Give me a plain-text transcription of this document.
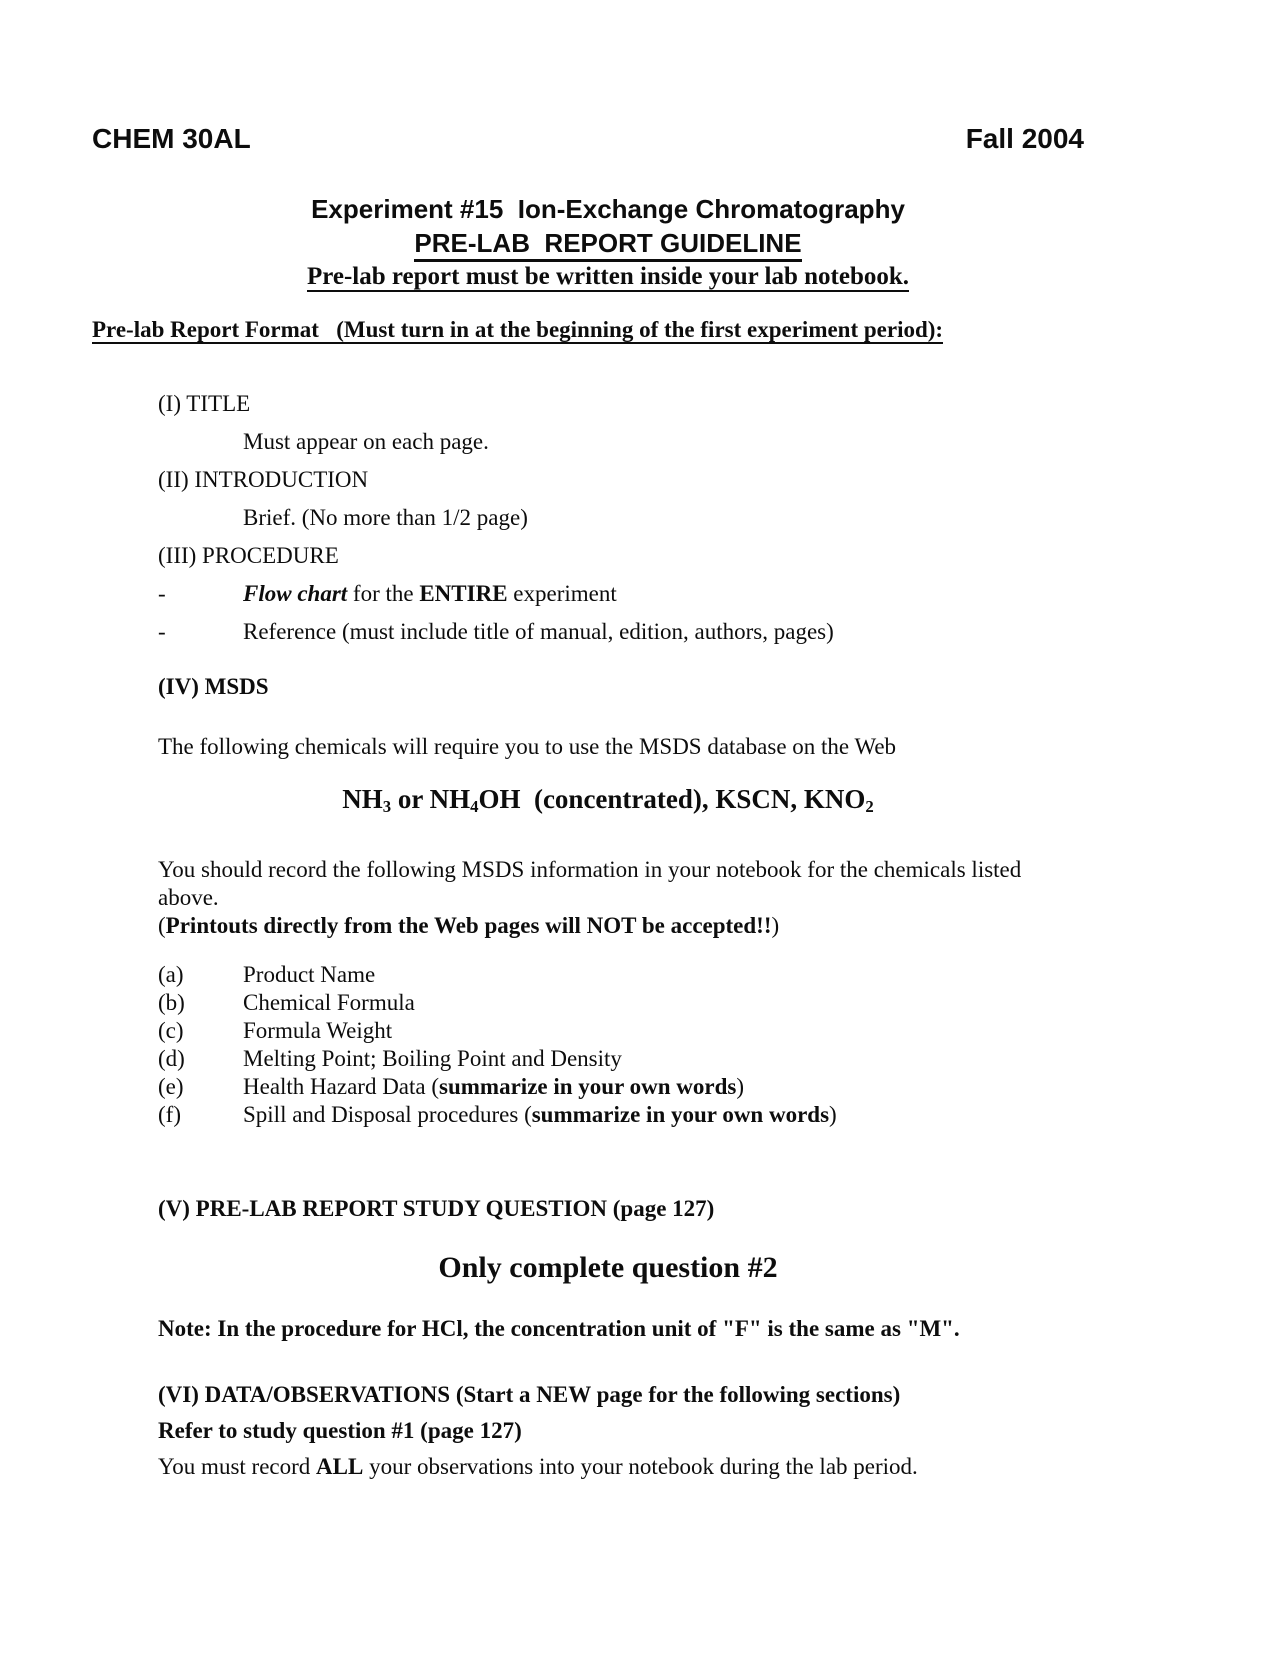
CHEM 30AL	Fall 2004
Experiment #15  Ion-Exchange Chromatography
PRE-LAB  REPORT GUIDELINE
Pre-lab report must be written inside your lab notebook.
Pre-lab Report Format   (Must turn in at the beginning of the first experiment period):
(I) TITLE
Must appear on each page.
(II) INTRODUCTION
Brief. (No more than 1/2 page)
(III) PROCEDURE
-	Flow chart for the ENTIRE experiment
-	Reference (must include title of manual, edition, authors, pages)
(IV) MSDS
The following chemicals will require you to use the MSDS database on the Web
NH3 or NH4OH  (concentrated), KSCN, KNO2
You should record the following MSDS information in your notebook for the chemicals listed
above.
(Printouts directly from the Web pages will NOT be accepted!!)
(a)	Product Name
(b)	Chemical Formula
(c)	Formula Weight
(d)	Melting Point; Boiling Point and Density
(e)	Health Hazard Data (summarize in your own words)
(f)	Spill and Disposal procedures (summarize in your own words)
(V) PRE-LAB REPORT STUDY QUESTION (page 127)
Only complete question #2
Note: In the procedure for HCl, the concentration unit of "F" is the same as "M".
(VI) DATA/OBSERVATIONS (Start a NEW page for the following sections)
Refer to study question #1 (page 127)
You must record ALL your observations into your notebook during the lab period.
